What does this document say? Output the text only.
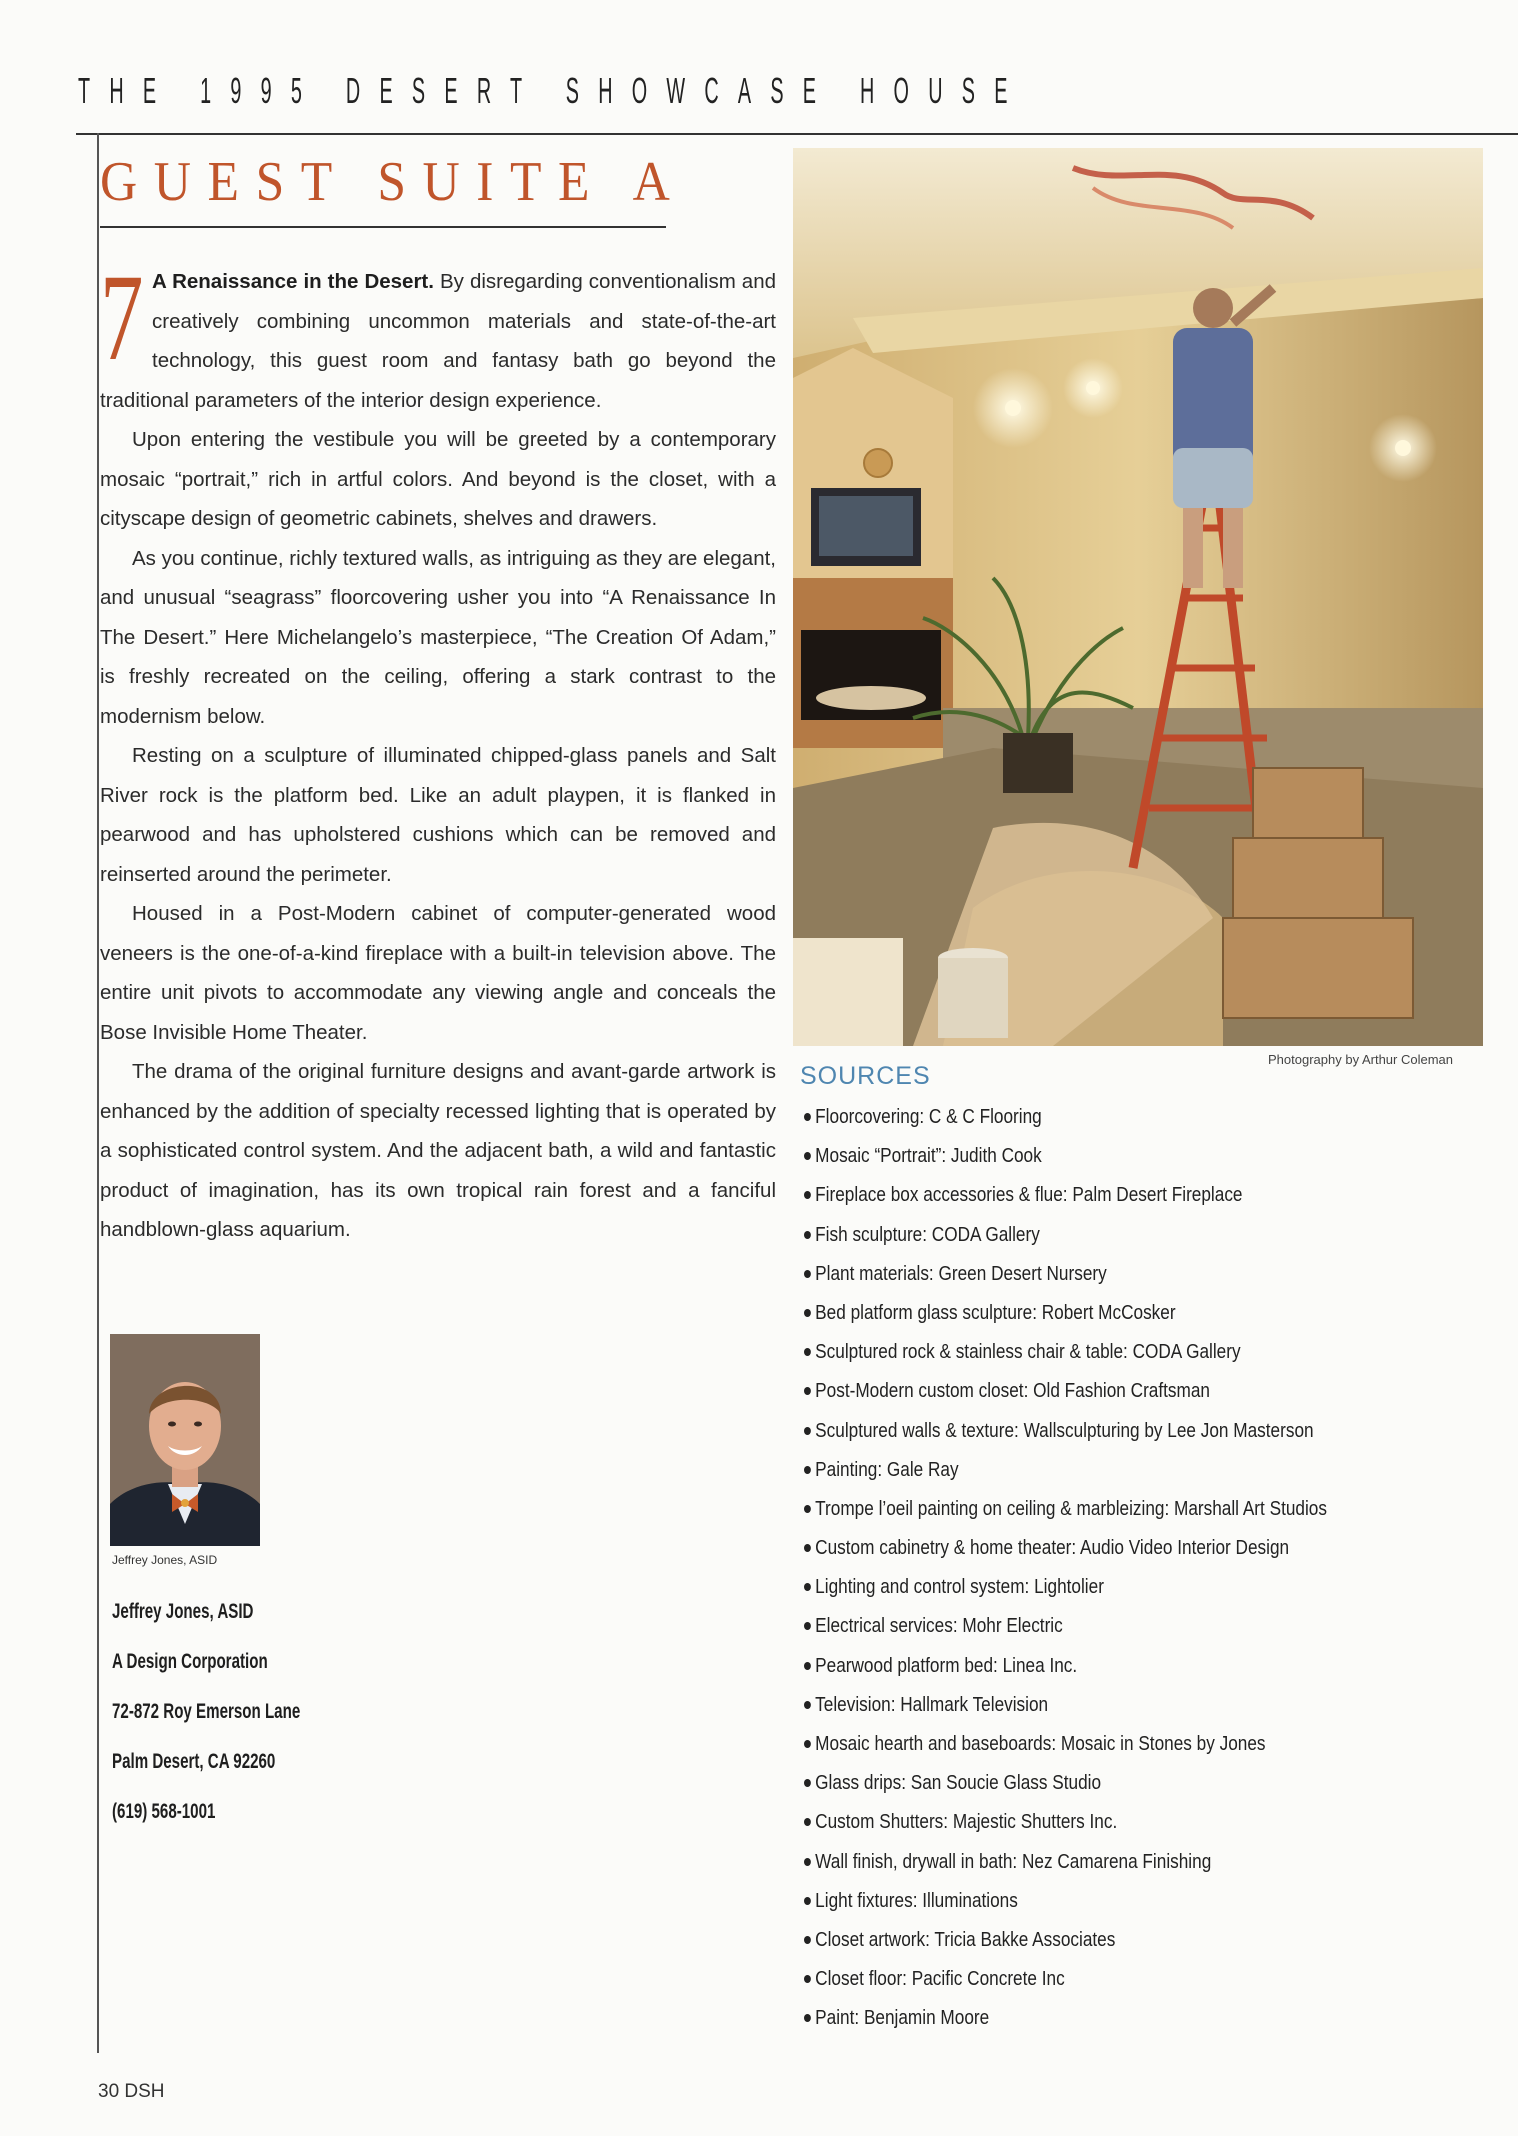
THE 1995 DESERT SHOWCASE HOUSE
GUEST SUITE A

7 A Renaissance in the Desert. By disregarding conventionalism and creatively combining uncommon materials and state-of-the-art technology, this guest room and fantasy bath go beyond the traditional parameters of the interior design experience.

Upon entering the vestibule you will be greeted by a contemporary mosaic “portrait,” rich in artful colors. And beyond is the closet, with a cityscape design of geometric cabinets, shelves and drawers.

As you continue, richly textured walls, as intriguing as they are elegant, and unusual “seagrass” floorcovering usher you into “A Renaissance In The Desert.” Here Michelangelo’s masterpiece, “The Creation Of Adam,” is freshly recreated on the ceiling, offering a stark contrast to the modernism below.

Resting on a sculpture of illuminated chipped-glass panels and Salt River rock is the platform bed. Like an adult playpen, it is flanked in pearwood and has upholstered cushions which can be removed and reinserted around the perimeter.

Housed in a Post-Modern cabinet of computer-generated wood veneers is the one-of-a-kind fireplace with a built-in television above. The entire unit pivots to accommodate any viewing angle and conceals the Bose Invisible Home Theater.

The drama of the original furniture designs and avant-garde artwork is enhanced by the addition of specialty recessed lighting that is operated by a sophisticated control system. And the adjacent bath, a wild and fantastic product of imagination, has its own tropical rain forest and a fanciful handblown-glass aquarium.

Photography by Arthur Coleman
SOURCES
Floorcovering: C & C Flooring
Mosaic “Portrait”: Judith Cook
Fireplace box accessories & flue: Palm Desert Fireplace
Fish sculpture: CODA Gallery
Plant materials: Green Desert Nursery
Bed platform glass sculpture: Robert McCosker
Sculptured rock & stainless chair & table: CODA Gallery
Post-Modern custom closet: Old Fashion Craftsman
Sculptured walls & texture: Wallsculpturing by Lee Jon Masterson
Painting: Gale Ray
Trompe l’oeil painting on ceiling & marbleizing: Marshall Art Studios
Custom cabinetry & home theater: Audio Video Interior Design
Lighting and control system: Lightolier
Electrical services: Mohr Electric
Pearwood platform bed: Linea Inc.
Television: Hallmark Television
Mosaic hearth and baseboards: Mosaic in Stones by Jones
Glass drips: San Soucie Glass Studio
Custom Shutters: Majestic Shutters Inc.
Wall finish, drywall in bath: Nez Camarena Finishing
Light fixtures: Illuminations
Closet artwork: Tricia Bakke Associates
Closet floor: Pacific Concrete Inc
Paint: Benjamin Moore
Jeffrey Jones, ASID
Jeffrey Jones, ASID
A Design Corporation
72-872 Roy Emerson Lane
Palm Desert, CA 92260
(619) 568-1001
30 DSH
